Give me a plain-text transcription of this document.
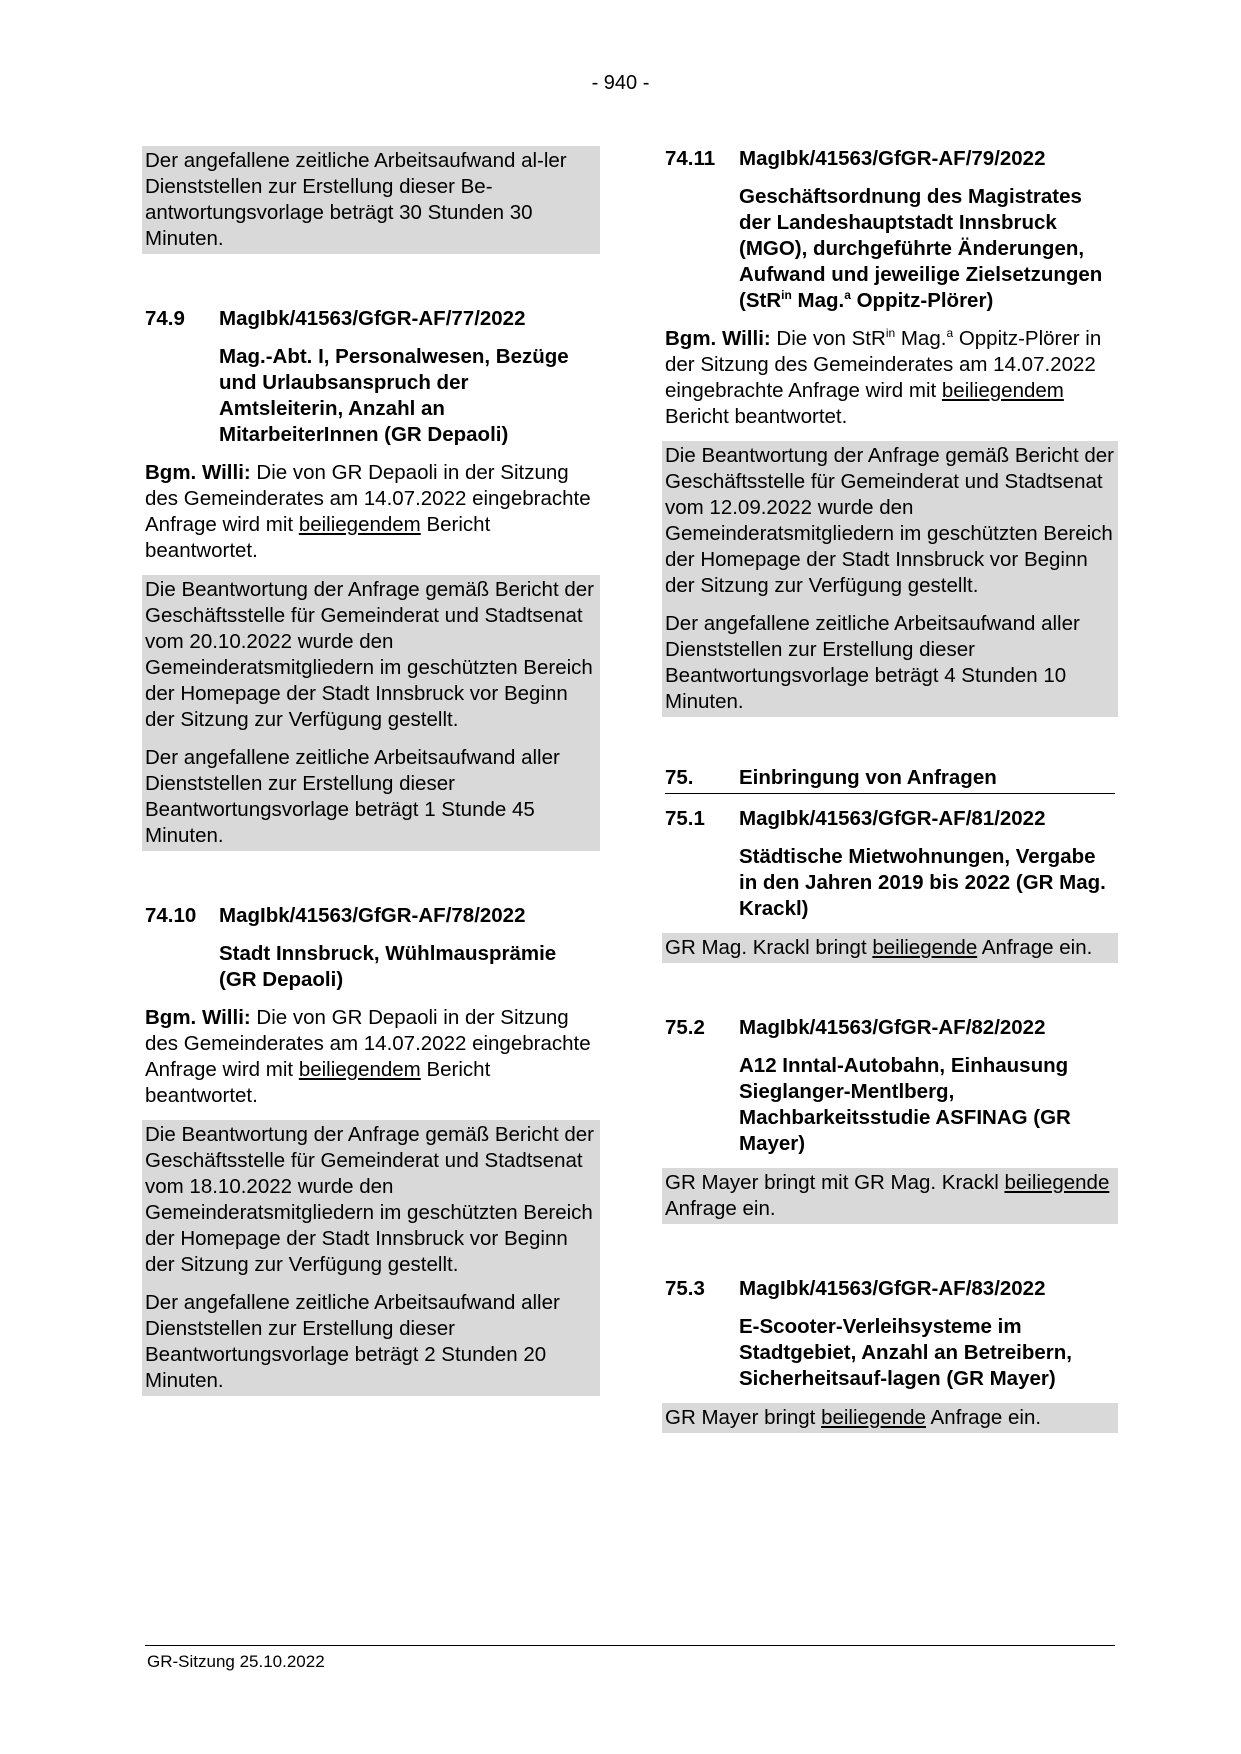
- 940 -

Der angefallene zeitliche Arbeitsaufwand al-ler Dienststellen zur Erstellung dieser Be-antwortungsvorlage beträgt 30 Stunden 30 Minuten.

74.9	MagIbk/41563/GfGR-AF/77/2022
Mag.-Abt. I, Personalwesen, Bezüge und Urlaubsanspruch der Amtsleiterin, Anzahl an MitarbeiterInnen (GR Depaoli)

Bgm. Willi: Die von GR Depaoli in der Sitzung des Gemeinderates am 14.07.2022 eingebrachte Anfrage wird mit beiliegendem Bericht beantwortet.

Die Beantwortung der Anfrage gemäß Bericht der Geschäftsstelle für Gemeinderat und Stadtsenat vom 20.10.2022 wurde den Gemeinderatsmitgliedern im geschützten Bereich der Homepage der Stadt Innsbruck vor Beginn der Sitzung zur Verfügung gestellt.

Der angefallene zeitliche Arbeitsaufwand aller Dienststellen zur Erstellung dieser Beantwortungsvorlage beträgt 1 Stunde 45 Minuten.

74.10	MagIbk/41563/GfGR-AF/78/2022
Stadt Innsbruck, Wühlmausprämie (GR Depaoli)

Bgm. Willi: Die von GR Depaoli in der Sitzung des Gemeinderates am 14.07.2022 eingebrachte Anfrage wird mit beiliegendem Bericht beantwortet.

Die Beantwortung der Anfrage gemäß Bericht der Geschäftsstelle für Gemeinderat und Stadtsenat vom 18.10.2022 wurde den Gemeinderatsmitgliedern im geschützten Bereich der Homepage der Stadt Innsbruck vor Beginn der Sitzung zur Verfügung gestellt.

Der angefallene zeitliche Arbeitsaufwand aller Dienststellen zur Erstellung dieser Beantwortungsvorlage beträgt 2 Stunden 20 Minuten.

74.11	MagIbk/41563/GfGR-AF/79/2022
Geschäftsordnung des Magistrates der Landeshauptstadt Innsbruck (MGO), durchgeführte Änderungen, Aufwand und jeweilige Zielsetzungen (StR$^{in}$ Mag.$^a$ Oppitz-Plörer)

Bgm. Willi: Die von StR$^{in}$ Mag.$^a$ Oppitz-Plörer in der Sitzung des Gemeinderates am 14.07.2022 eingebrachte Anfrage wird mit beiliegendem Bericht beantwortet.

Die Beantwortung der Anfrage gemäß Bericht der Geschäftsstelle für Gemeinderat und Stadtsenat vom 12.09.2022 wurde den Gemeinderatsmitgliedern im geschützten Bereich der Homepage der Stadt Innsbruck vor Beginn der Sitzung zur Verfügung gestellt.

Der angefallene zeitliche Arbeitsaufwand aller Dienststellen zur Erstellung dieser Beantwortungsvorlage beträgt 4 Stunden 10 Minuten.

75.	Einbringung von Anfragen
75.1	MagIbk/41563/GfGR-AF/81/2022
Städtische Mietwohnungen, Vergabe in den Jahren 2019 bis 2022 (GR Mag. Krackl)

GR Mag. Krackl bringt beiliegende Anfrage ein.

75.2	MagIbk/41563/GfGR-AF/82/2022
A12 Inntal-Autobahn, Einhausung Sieglanger-Mentlberg, Machbarkeitsstudie ASFINAG (GR Mayer)

GR Mayer bringt mit GR Mag. Krackl beiliegende Anfrage ein.

75.3	MagIbk/41563/GfGR-AF/83/2022
E-Scooter-Verleihsysteme im Stadtgebiet, Anzahl an Betreibern, Sicherheitsauf-lagen (GR Mayer)

GR Mayer bringt beiliegende Anfrage ein.

GR-Sitzung 25.10.2022
